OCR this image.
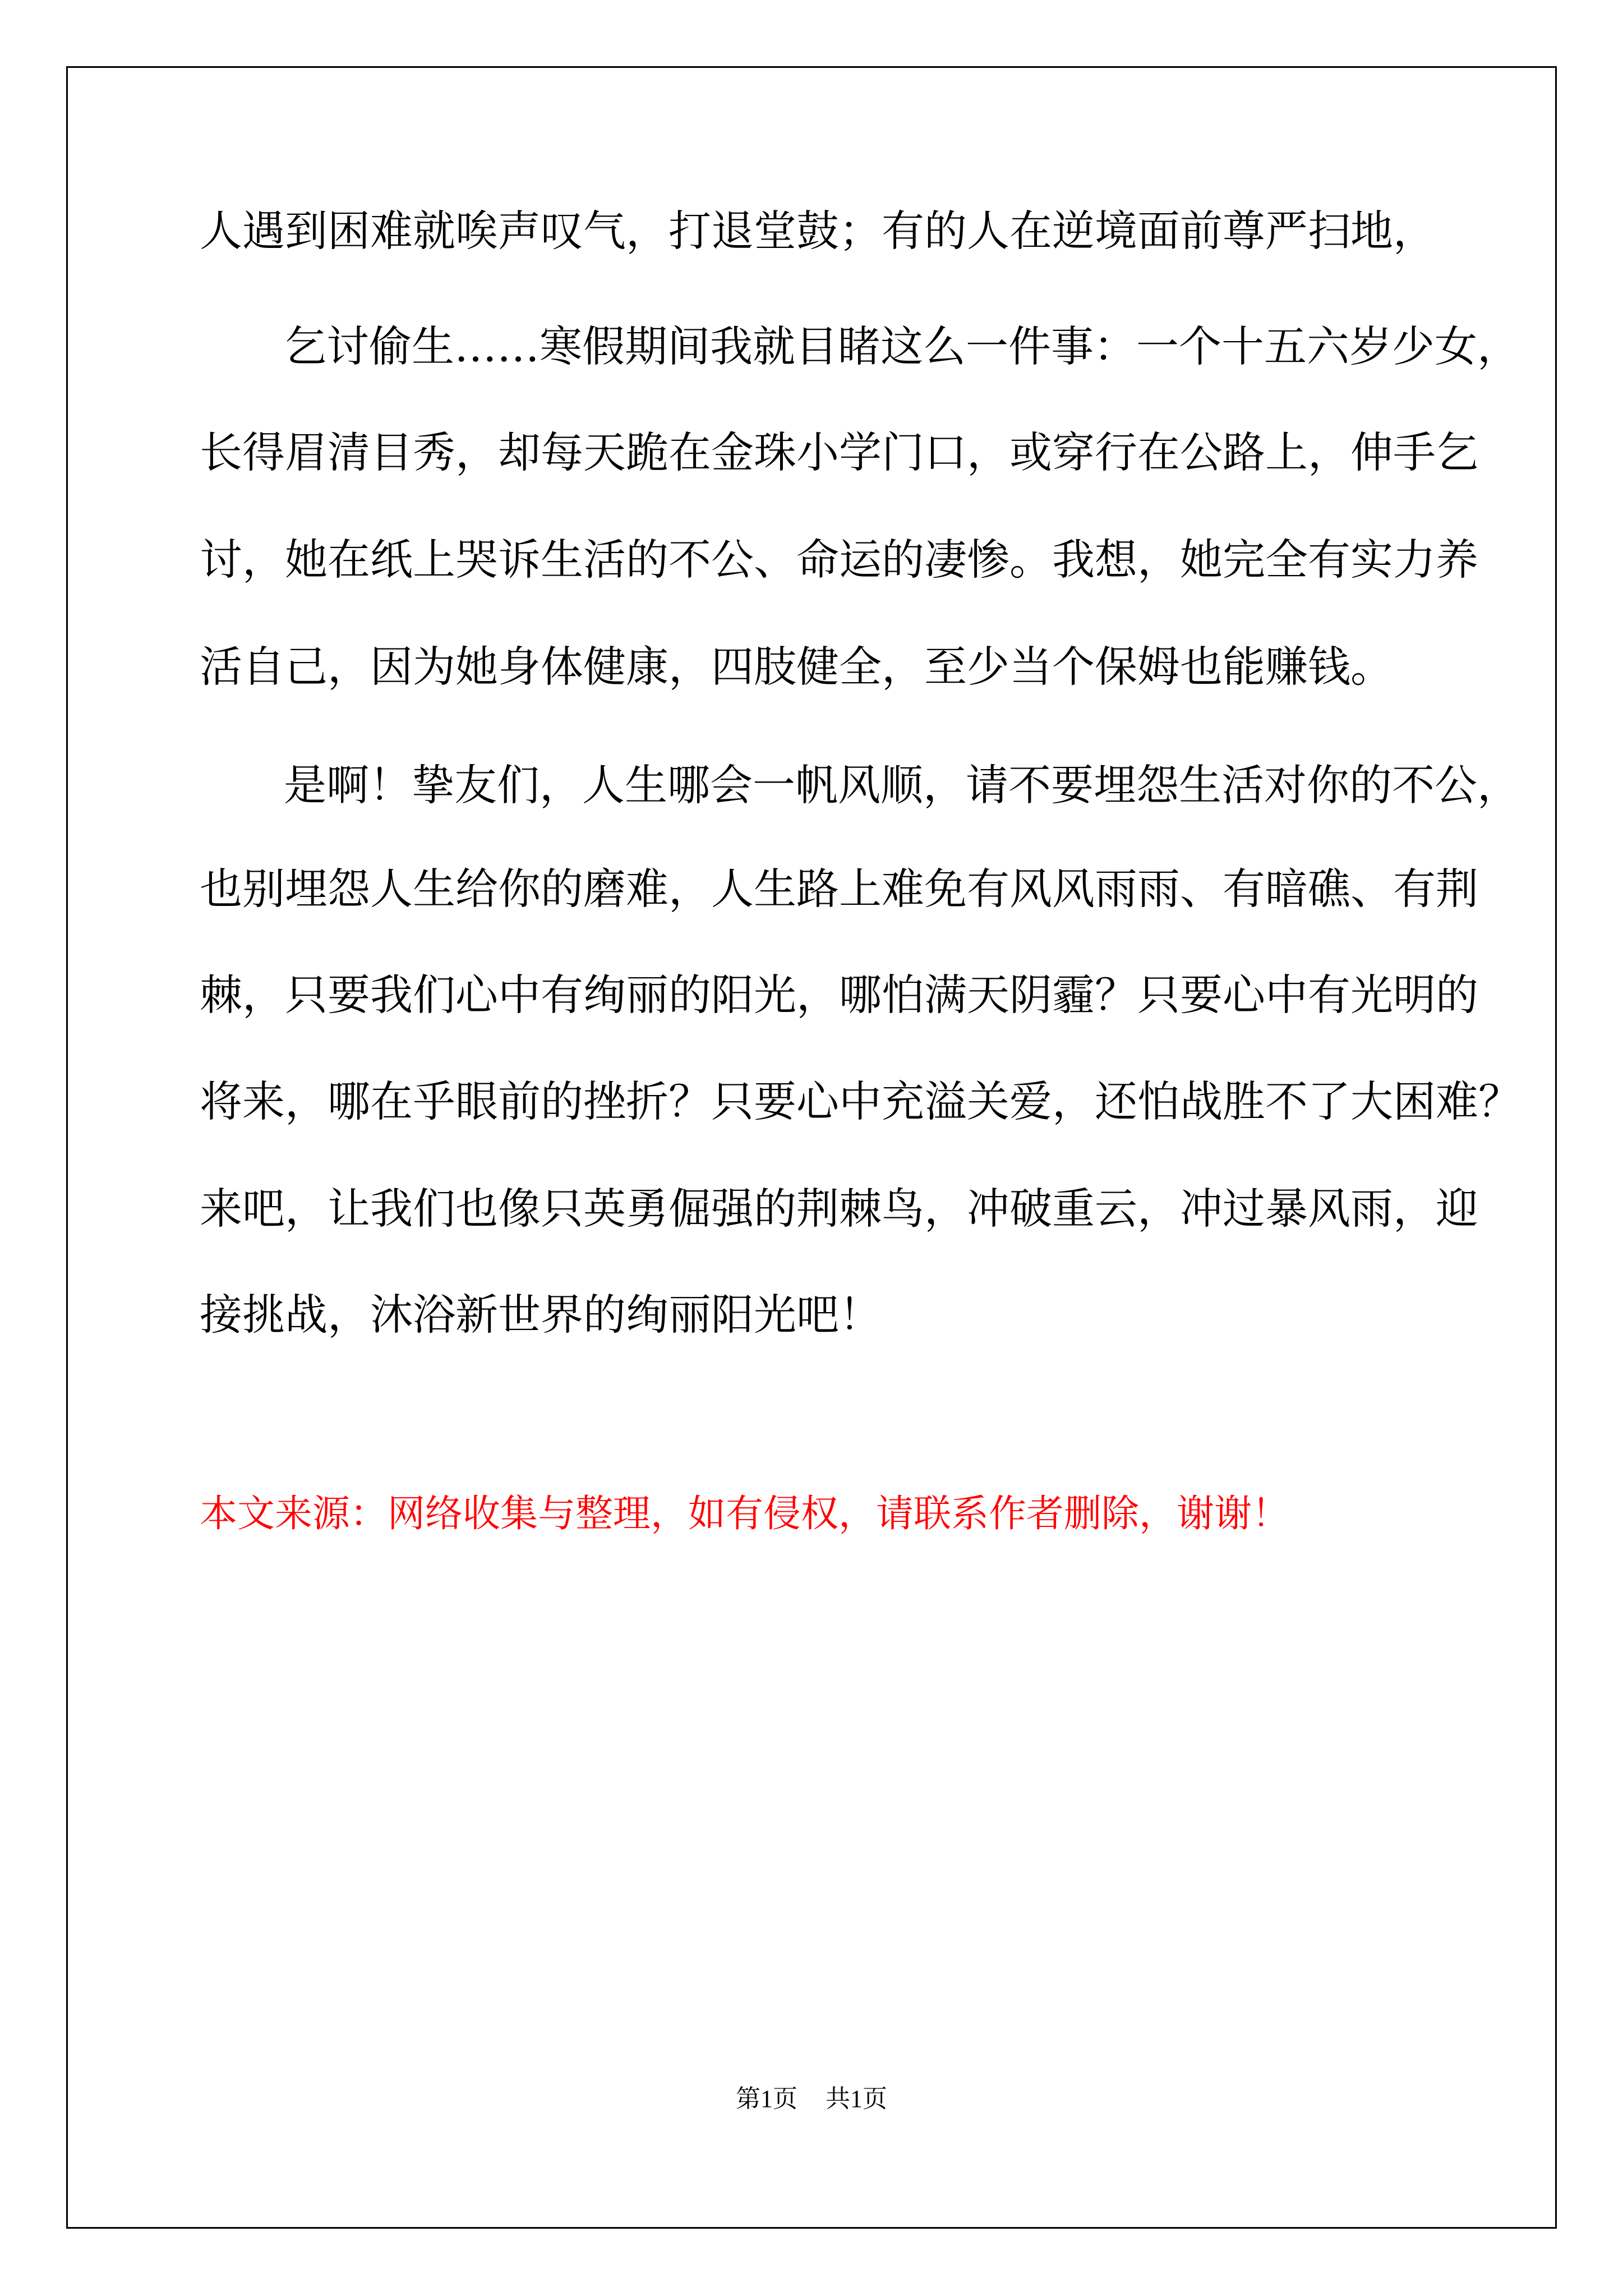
人遇到困难就唉声叹气，打退堂鼓；有的人在逆境面前尊严扫地，
乞讨偷生……寒假期间我就目睹这么一件事：一个十五六岁少女，
长得眉清目秀，却每天跪在金珠小学门口，或穿行在公路上，伸手乞
讨，她在纸上哭诉生活的不公、命运的凄惨。我想，她完全有实力养
活自己，因为她身体健康，四肢健全，至少当个保姆也能赚钱。
是啊！挚友们，人生哪会一帆风顺，请不要埋怨生活对你的不公，
也别埋怨人生给你的磨难，人生路上难免有风风雨雨、有暗礁、有荆
棘，只要我们心中有绚丽的阳光，哪怕满天阴霾？只要心中有光明的
将来，哪在乎眼前的挫折？只要心中充溢关爱，还怕战胜不了大困难？
来吧，让我们也像只英勇倔强的荆棘鸟，冲破重云，冲过暴风雨，迎
接挑战，沐浴新世界的绚丽阳光吧！
本文来源：网络收集与整理，如有侵权，请联系作者删除，谢谢！
第1页 共1页
